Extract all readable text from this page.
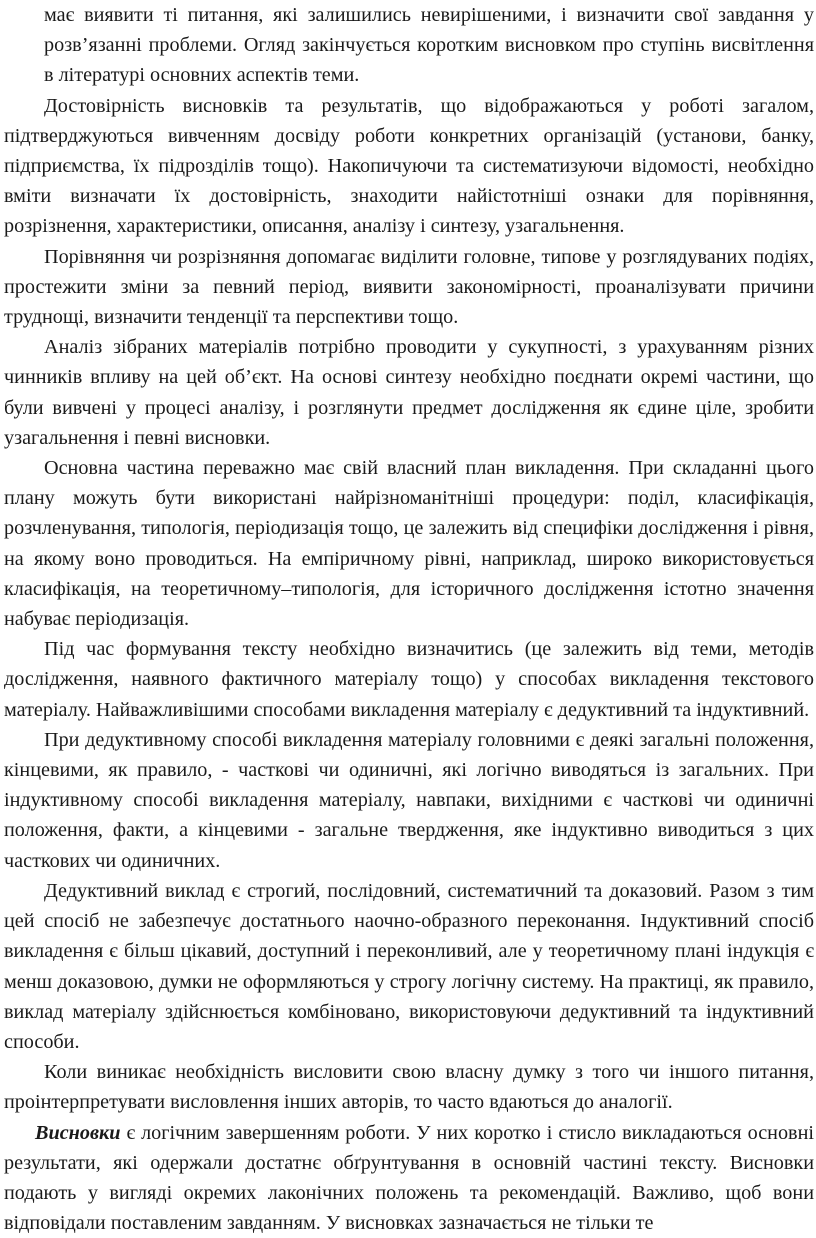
має виявити ті питання, які залишились невирішеними, і визначити свої завдання у розв’язанні проблеми. Огляд закінчується коротким висновком про ступінь висвітлення в літературі основних аспектів теми.

Достовірність висновків та результатів, що відображаються у роботі загалом, підтверджуються вивченням досвіду роботи конкретних організацій (установи, банку, підприємства, їх підрозділів тощо). Накопичуючи та систематизуючи відомості, необхідно вміти визначати їх достовірність, знаходити найістотніші ознаки для порівняння, розрізнення, характеристики, описання, аналізу і синтезу, узагальнення.

Порівняння чи розрізняння допомагає виділити головне, типове у розглядуваних подіях, простежити зміни за певний період, виявити закономірності, проаналізувати причини труднощі, визначити тенденції та перспективи тощо.

Аналіз зібраних матеріалів потрібно проводити у сукупності, з урахуванням різних чинників впливу на цей об’єкт. На основі синтезу необхідно поєднати окремі частини, що були вивчені у процесі аналізу, і розглянути предмет дослідження як єдине ціле, зробити узагальнення і певні висновки.

Основна частина переважно має свій власний план викладення. При складанні цього плану можуть бути використані найрізноманітніші процедури: поділ, класифікація, розчленування, типологія, періодизація тощо, це залежить від специфіки дослідження і рівня, на якому воно проводиться. На емпіричному рівні, наприклад, широко використовується класифікація, на теоретичному–типологія, для історичного дослідження істотно значення набуває періодизація.

Під час формування тексту необхідно визначитись (це залежить від теми, методів дослідження, наявного фактичного матеріалу тощо) у способах викладення текстового матеріалу. Найважливішими способами викладення матеріалу є дедуктивний та індуктивний.

При дедуктивному способі викладення матеріалу головними є деякі загальні положення, кінцевими, як правило, - часткові чи одиничні, які логічно виводяться із загальних. При індуктивному способі викладення матеріалу, навпаки, вихідними є часткові чи одиничні положення, факти, а кінцевими - загальне твердження, яке індуктивно виводиться з цих часткових чи одиничних.

Дедуктивний виклад є строгий, послідовний, систематичний та доказовий. Разом з тим цей спосіб не забезпечує достатнього наочно-образного переконання. Індуктивний спосіб викладення є більш цікавий, доступний і переконливий, але у теоретичному плані індукція є менш доказовою, думки не оформляються у строгу логічну систему. На практиці, як правило, виклад матеріалу здійснюється комбіновано, використовуючи дедуктивний та індуктивний способи.

Коли виникає необхідність висловити свою власну думку з того чи іншого питання, проінтерпретувати висловлення інших авторів, то часто вдаються до аналогії.

Висновки є логічним завершенням роботи. У них коротко і стисло викладаються основні результати, які одержали достатнє обґрунтування в основній частині тексту. Висновки подають у вигляді окремих лаконічних положень та рекомендацій. Важливо, щоб вони відповідали поставленим завданням. У висновках зазначається не тільки те
